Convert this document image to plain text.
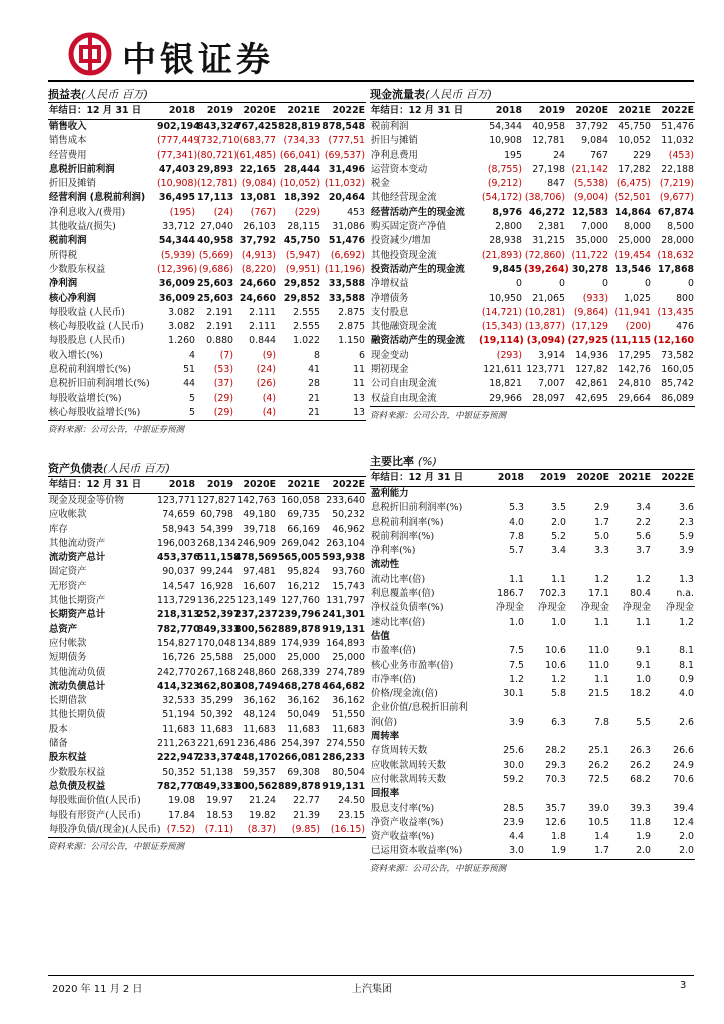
中银证券
损益表(人民币 百万)
年结日：12 月 31 日	2018	2019	2020E	2021E	2022E
销售收入	902,194	843,324	767,425	828,819	878,548
销售成本	(777,449	(732,710	(683,77	(734,33	(777,51
经营费用	(77,341)	(80,721)	(61,485)	(66,041)	(69,537)
息税折旧前利润	47,403	29,893	22,165	28,444	31,496
折旧及摊销	(10,908)	(12,781)	(9,084)	(10,052)	(11,032)
经营利润 (息税前利润)	36,495	17,113	13,081	18,392	20,464
净利息收入/(费用)	(195)	(24)	(767)	(229)	453
其他收益/(损失)	33,712	27,040	26,103	28,115	31,086
税前利润	54,344	40,958	37,792	45,750	51,476
所得税	(5,939)	(5,669)	(4,913)	(5,947)	(6,692)
少数股东权益	(12,396)	(9,686)	(8,220)	(9,951)	(11,196)
净利润	36,009	25,603	24,660	29,852	33,588
核心净利润	36,009	25,603	24,660	29,852	33,588
每股收益 (人民币)	3.082	2.191	2.111	2.555	2.875
核心每股收益 (人民币)	3.082	2.191	2.111	2.555	2.875
每股股息 (人民币)	1.260	0.880	0.844	1.022	1.150
收入增长(%)	4	(7)	(9)	8	6
息税前利润增长(%)	51	(53)	(24)	41	11
息税折旧前利润增长(%)	44	(37)	(26)	28	11
每股收益增长(%)	5	(29)	(4)	21	13
核心每股收益增长(%)	5	(29)	(4)	21	13
资料来源：公司公告，中银证券预测
现金流量表(人民币 百万)
年结日：12 月 31 日	2018	2019	2020E	2021E	2022E
税前利润	54,344	40,958	37,792	45,750	51,476
折旧与摊销	10,908	12,781	9,084	10,052	11,032
净利息费用	195	24	767	229	(453)
运营资本变动	(8,755)	27,198	(21,142	17,282	22,188
税金	(9,212)	847	(5,538)	(6,475)	(7,219)
其他经营现金流	(54,172)	(38,706)	(9,004)	(52,501	(9,677)
经营活动产生的现金流	8,976	46,272	12,583	14,864	67,874
购买固定资产净值	2,800	2,381	7,000	8,000	8,500
投资减少/增加	28,938	31,215	35,000	25,000	28,000
其他投资现金流	(21,893)	(72,860)	(11,722	(19,454	(18,632
投资活动产生的现金流	9,845	(39,264)	30,278	13,546	17,868
净增权益	0	0	0	0	0
净增债务	10,950	21,065	(933)	1,025	800
支付股息	(14,721)	(10,281)	(9,864)	(11,941	(13,435
其他融资现金流	(15,343)	(13,877)	(17,129	(200)	476
融资活动产生的现金流	(19,114)	(3,094)	(27,925	(11,115	(12,160
现金变动	(293)	3,914	14,936	17,295	73,582
期初现金	121,611	123,771	127,82	142,76	160,05
公司自由现金流	18,821	7,007	42,861	24,810	85,742
权益自由现金流	29,966	28,097	42,695	29,664	86,089
资料来源：公司公告，中银证券预测
资产负债表(人民币 百万)
年结日：12 月 31 日	2018	2019	2020E	2021E	2022E
现金及现金等价物	123,771	127,827	142,763	160,058	233,640
应收帐款	74,659	60,798	49,180	69,735	50,232
库存	58,943	54,399	39,718	66,169	46,962
其他流动资产	196,003	268,134	246,909	269,042	263,104
流动资产总计	453,376	511,158	478,569	565,005	593,938
固定资产	90,037	99,244	97,481	95,824	93,760
无形资产	14,547	16,928	16,607	16,212	15,743
其他长期资产	113,729	136,225	123,149	127,760	131,797
长期资产总计	218,313	252,397	237,237	239,796	241,301
总资产	782,770	849,333	800,562	889,878	919,131
应付帐款	154,827	170,048	134,889	174,939	164,893
短期债务	16,726	25,588	25,000	25,000	25,000
其他流动负债	242,770	267,168	248,860	268,339	274,789
流动负债总计	414,323	462,803	408,749	468,278	464,682
长期借款	32,533	35,299	36,162	36,162	36,162
其他长期负债	51,194	50,392	48,124	50,049	51,550
股本	11,683	11,683	11,683	11,683	11,683
储备	211,263	221,691	236,486	254,397	274,550
股东权益	222,947	233,374	248,170	266,081	286,233
少数股东权益	50,352	51,138	59,357	69,308	80,504
总负债及权益	782,770	849,333	800,562	889,878	919,131
每股账面价值(人民币)	19.08	19.97	21.24	22.77	24.50
每股有形资产(人民币)	17.84	18.53	19.82	21.39	23.15
每股净负债/(现金)(人民币)	(7.52)	(7.11)	(8.37)	(9.85)	(16.15)
资料来源：公司公告，中银证券预测
主要比率 (%)
年结日：12 月 31 日	2018	2019	2020E	2021E	2022E
盈利能力					
息税折旧前利润率(%)	5.3	3.5	2.9	3.4	3.6
息税前利润率(%)	4.0	2.0	1.7	2.2	2.3
税前利润率(%)	7.8	5.2	5.0	5.6	5.9
净利率(%)	5.7	3.4	3.3	3.7	3.9
流动性					
流动比率(倍)	1.1	1.1	1.2	1.2	1.3
利息覆盖率(倍)	186.7	702.3	17.1	80.4	n.a.
净权益负债率(%)	净现金	净现金	净现金	净现金	净现金
速动比率(倍)	1.0	1.0	1.1	1.1	1.2
估值					
市盈率(倍)	7.5	10.6	11.0	9.1	8.1
核心业务市盈率(倍)	7.5	10.6	11.0	9.1	8.1
市净率(倍)	1.2	1.2	1.1	1.0	0.9
价格/现金流(倍)	30.1	5.8	21.5	18.2	4.0
企业价值/息税折旧前利					
润(倍)	3.9	6.3	7.8	5.5	2.6
周转率					
存货周转天数	25.6	28.2	25.1	26.3	26.6
应收帐款周转天数	30.0	29.3	26.2	26.2	24.9
应付帐款周转天数	59.2	70.3	72.5	68.2	70.6
回报率					
股息支付率(%)	28.5	35.7	39.0	39.3	39.4
净资产收益率(%)	23.9	12.6	10.5	11.8	12.4
资产收益率(%)	4.4	1.8	1.4	1.9	2.0
已运用资本收益率(%)	3.0	1.9	1.7	2.0	2.0
资料来源：公司公告，中银证券预测
2020 年 11 月 2 日	上汽集团	3
